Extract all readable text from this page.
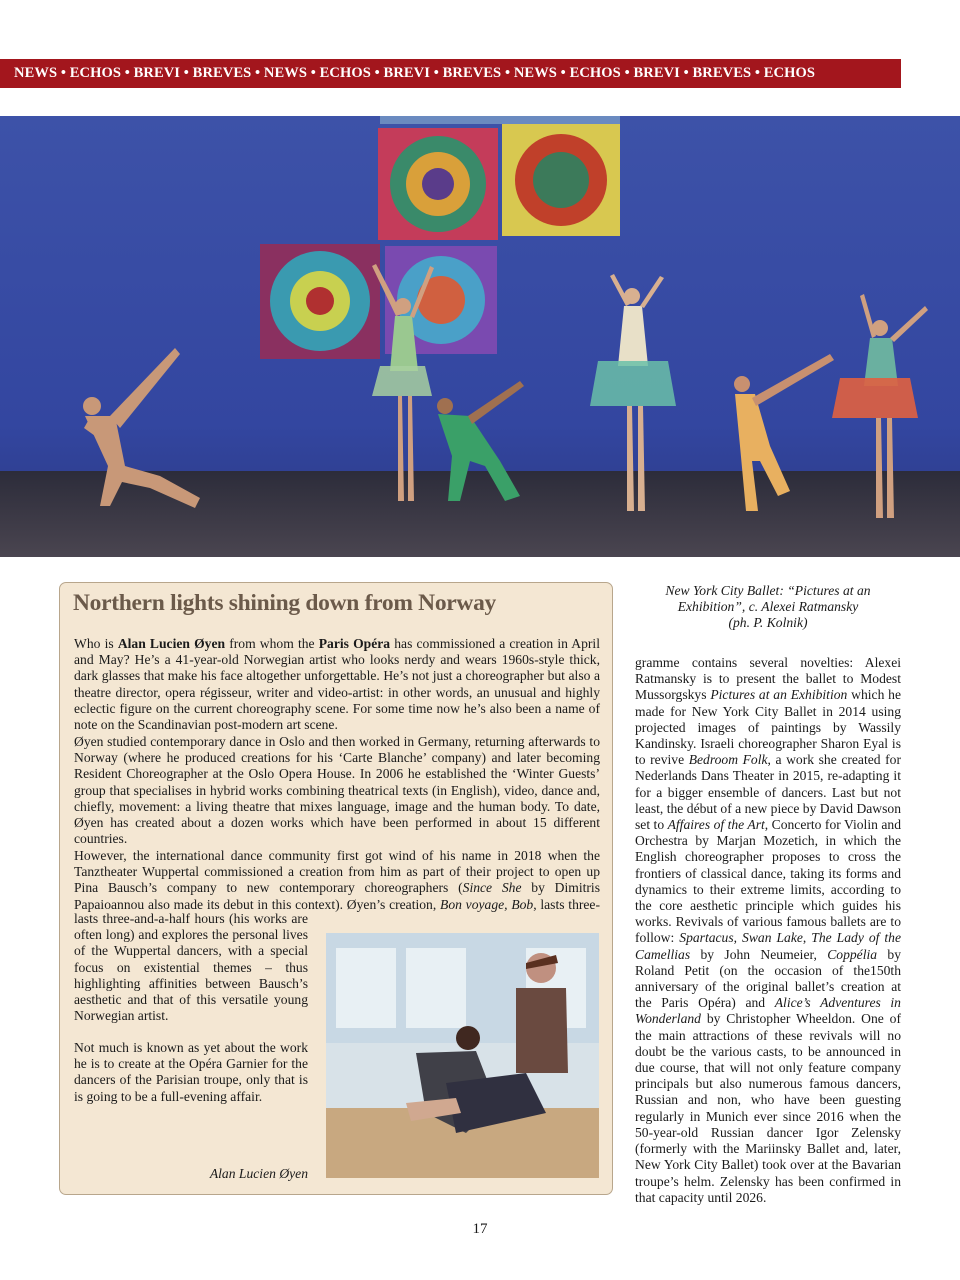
NEWS • ECHOS • BREVI • BREVES • NEWS • ECHOS • BREVI • BREVES • NEWS • ECHOS • BREVI • BREVES • ECHOS
Northern lights shining down from Norway

Who is Alan Lucien Øyen from whom the Paris Opéra has commissioned a creation in April and May? He’s a 41-year-old Norwegian artist who looks nerdy and wears 1960s-style thick, dark glasses that make his face altogether unforgettable. He’s not just a choreographer but also a theatre director, opera régisseur, writer and video-artist: in other words, an unusual and highly eclectic figure on the current choreography scene. For some time now he’s also been a name of note on the Scandinavian post-modern art scene.

Øyen studied contemporary dance in Oslo and then worked in Germany, returning afterwards to Norway (where he produced creations for his ‘Carte Blanche’ company) and later becoming Resident Choreographer at the Oslo Opera House. In 2006 he established the ‘Winter Guests’ group that specialises in hybrid works combining theatrical texts (in English), video, dance and, chiefly, movement: a living theatre that mixes language, image and the human body. To date, Øyen has created about a dozen works which have been performed in about 15 different countries.

However, the international dance community first got wind of his name in 2018 when the Tanztheater Wuppertal commissioned a creation from him as part of their project to open up Pina Bausch’s company to new contemporary choreographers (Since She by Dimitris Papaioannou also made its debut in this context). Øyen’s creation, Bon voyage, Bob, lasts three-

lasts three-and-a-half hours (his works are often long) and explores the personal lives of the Wuppertal dancers, with a special focus on existential themes – thus highlighting affinities between Bausch’s aesthetic and that of this versatile young Norwegian artist.

Not much is known as yet about the work he is to create at the Opéra Garnier for the dancers of the Parisian troupe, only that is is going to be a full-evening affair.

Alan Lucien Øyen

New York City Ballet: “Pictures at an
Exhibition”, c. Alexei Ratmansky
(ph. P. Kolnik)

gramme contains several novelties: Alexei Ratmansky is to present the ballet to Modest Mussorgskys Pictures at an Exhibition which he made for New York City Ballet in 2014 using projected images of paintings by Wassily Kandinsky. Israeli choreographer Sharon Eyal is to revive Bedroom Folk, a work she created for Nederlands Dans Theater in 2015, re-adapting it for a bigger ensemble of dancers. Last but not least, the début of a new piece by David Dawson set to Affaires of the Art, Concerto for Violin and Orchestra by Marjan Mozetich, in which the English choreographer proposes to cross the frontiers of classical dance, taking its forms and dynamics to their extreme limits, according to the core aesthetic principle which guides his works. Revivals of various famous ballets are to follow: Spartacus, Swan Lake, The Lady of the Camellias by John Neumeier, Coppélia by Roland Petit (on the occasion of the150th anniversary of the original ballet’s creation at the Paris Opéra) and Alice’s Adventures in Wonderland by Christopher Wheeldon. One of the main attractions of these revivals will no doubt be the various casts, to be announced in due course, that will not only feature company principals but also numerous famous dancers, Russian and non, who have been guesting regularly in Munich ever since 2016 when the 50-year-old Russian dancer Igor Zelensky (formerly with the Mariinsky Ballet and, later, New York City Ballet) took over at the Bavarian troupe’s helm. Zelensky has been confirmed in that capacity until 2026.

17
